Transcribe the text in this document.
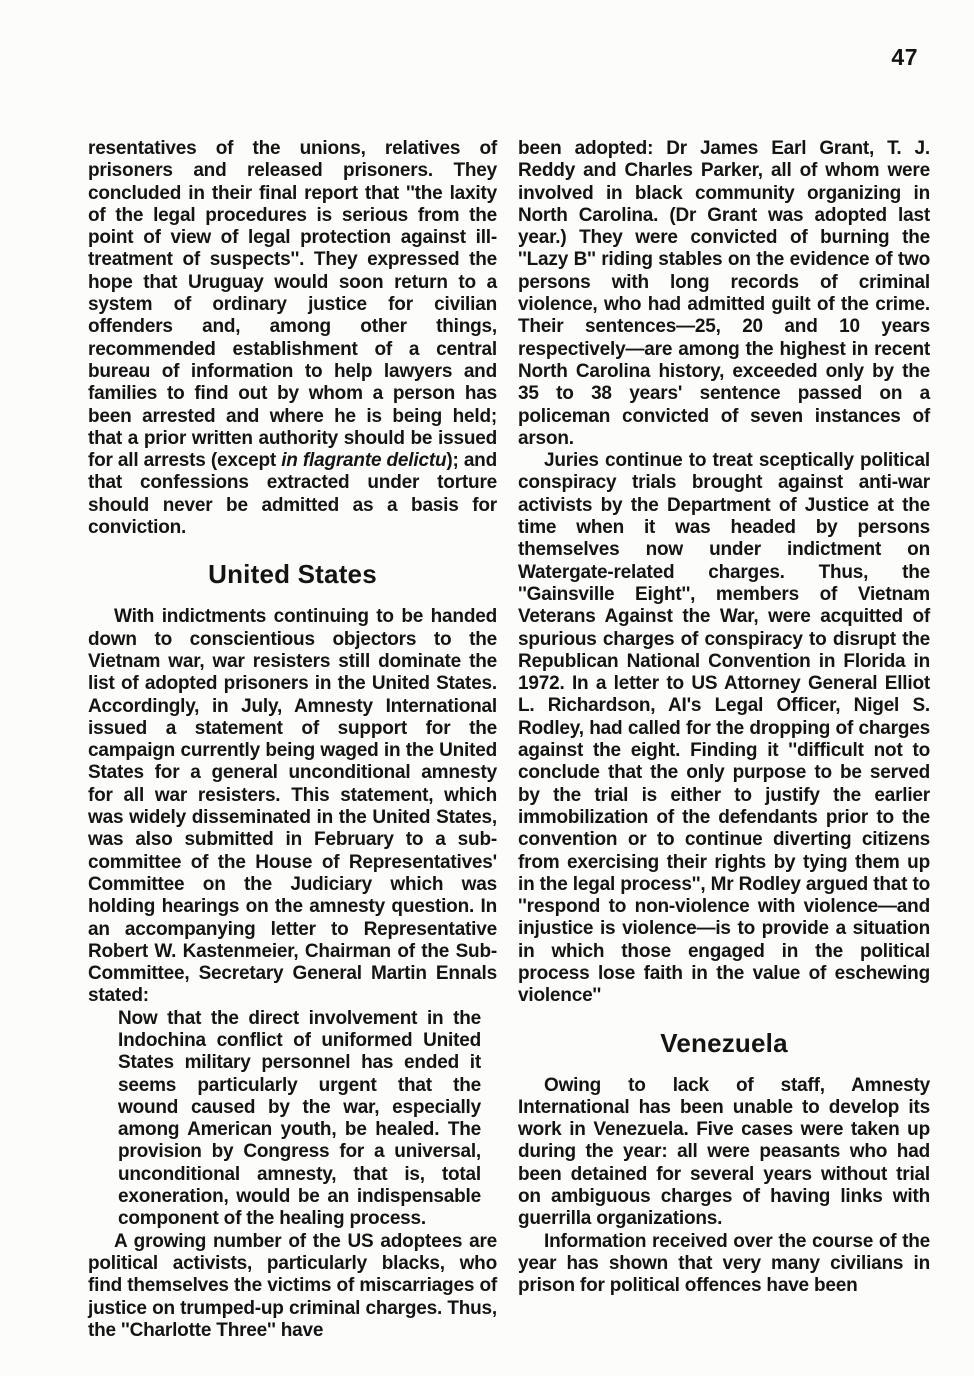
47

resentatives of the unions, relatives of prisoners and released prisoners. They concluded in their final report that ''the laxity of the legal procedures is serious from the point of view of legal protection against ill-treatment of suspects''. They expressed the hope that Uruguay would soon return to a system of ordinary justice for civilian offenders and, among other things, recommended establishment of a central bureau of information to help lawyers and families to find out by whom a person has been arrested and where he is being held; that a prior written authority should be issued for all arrests (except in flagrante delictu); and that confessions extracted under torture should never be admitted as a basis for conviction.

United States

With indictments continuing to be handed down to conscientious objectors to the Vietnam war, war resisters still dominate the list of adopted prisoners in the United States. Accordingly, in July, Amnesty International issued a statement of support for the campaign currently being waged in the United States for a general unconditional amnesty for all war resisters. This statement, which was widely disseminated in the United States, was also submitted in February to a sub-committee of the House of Representatives' Committee on the Judiciary which was holding hearings on the amnesty question. In an accompanying letter to Representative Robert W. Kastenmeier, Chairman of the Sub-Committee, Secretary General Martin Ennals stated:

Now that the direct involvement in the Indochina conflict of uniformed United States military personnel has ended it seems particularly urgent that the wound caused by the war, especially among American youth, be healed. The provision by Congress for a universal, unconditional amnesty, that is, total exoneration, would be an indispensable component of the healing process.

A growing number of the US adoptees are political activists, particularly blacks, who find themselves the victims of miscarriages of justice on trumped-up criminal charges. Thus, the ''Charlotte Three'' have

been adopted: Dr James Earl Grant, T. J. Reddy and Charles Parker, all of whom were involved in black community organizing in North Carolina. (Dr Grant was adopted last year.) They were convicted of burning the ''Lazy B'' riding stables on the evidence of two persons with long records of criminal violence, who had admitted guilt of the crime. Their sentences—25, 20 and 10 years respectively—are among the highest in recent North Carolina history, exceeded only by the 35 to 38 years' sentence passed on a policeman convicted of seven instances of arson.

Juries continue to treat sceptically political conspiracy trials brought against anti-war activists by the Department of Justice at the time when it was headed by persons themselves now under indictment on Watergate-related charges. Thus, the ''Gainsville Eight'', members of Vietnam Veterans Against the War, were acquitted of spurious charges of conspiracy to disrupt the Republican National Convention in Florida in 1972. In a letter to US Attorney General Elliot L. Richardson, AI's Legal Officer, Nigel S. Rodley, had called for the dropping of charges against the eight. Finding it ''difficult not to conclude that the only purpose to be served by the trial is either to justify the earlier immobilization of the defendants prior to the convention or to continue diverting citizens from exercising their rights by tying them up in the legal process'', Mr Rodley argued that to ''respond to non-violence with violence—and injustice is violence—is to provide a situation in which those engaged in the political process lose faith in the value of eschewing violence''

Venezuela

Owing to lack of staff, Amnesty International has been unable to develop its work in Venezuela. Five cases were taken up during the year: all were peasants who had been detained for several years without trial on ambiguous charges of having links with guerrilla organizations.

Information received over the course of the year has shown that very many civilians in prison for political offences have been
